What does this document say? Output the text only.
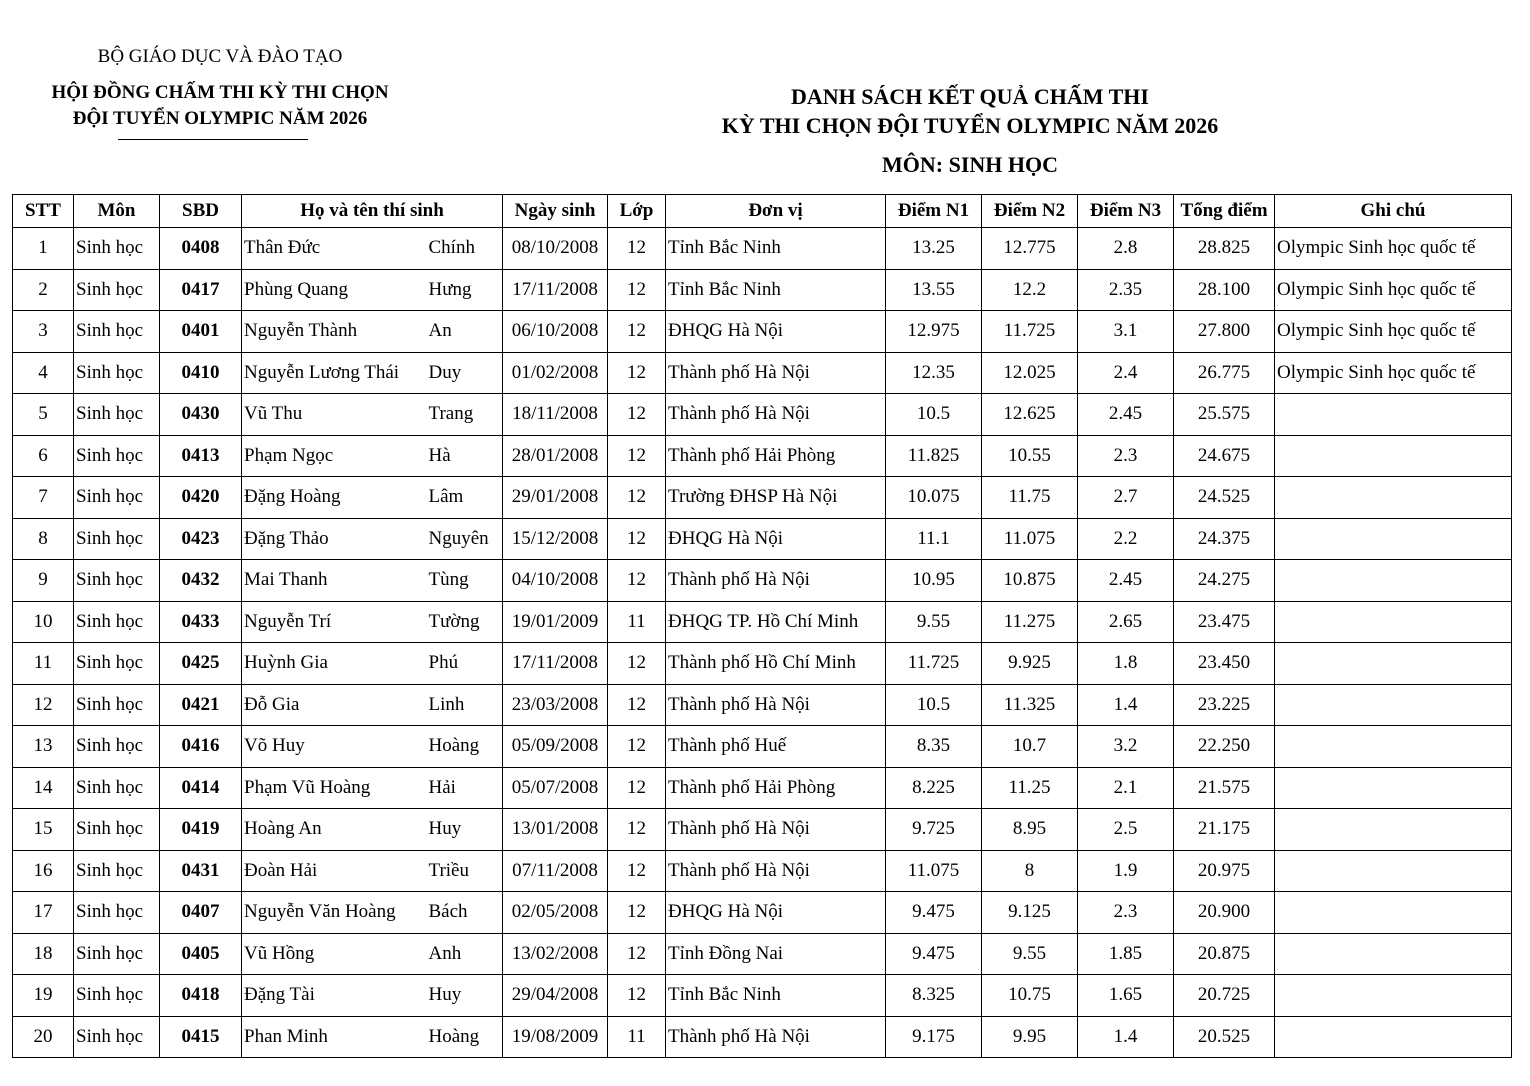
BỘ GIÁO DỤC VÀ ĐÀO TẠO
HỘI ĐỒNG CHẤM THI KỲ THI CHỌN
ĐỘI TUYỂN OLYMPIC NĂM 2026
DANH SÁCH KẾT QUẢ CHẤM THI
KỲ THI CHỌN ĐỘI TUYỂN OLYMPIC NĂM 2026
MÔN: SINH HỌC
STT	Môn	SBD	Họ và tên thí sinh		Ngày sinh	Lớp	Đơn vị	Điểm N1	Điểm N2	Điểm N3	Tổng điểm	Ghi chú
1	Sinh học	0408	Thân Đức	Chính	08/10/2008	12	Tỉnh Bắc Ninh	13.25	12.775	2.8	28.825	Olympic Sinh học quốc tế
2	Sinh học	0417	Phùng Quang	Hưng	17/11/2008	12	Tỉnh Bắc Ninh	13.55	12.2	2.35	28.100	Olympic Sinh học quốc tế
3	Sinh học	0401	Nguyễn Thành	An	06/10/2008	12	ĐHQG Hà Nội	12.975	11.725	3.1	27.800	Olympic Sinh học quốc tế
4	Sinh học	0410	Nguyễn Lương Thái	Duy	01/02/2008	12	Thành phố Hà Nội	12.35	12.025	2.4	26.775	Olympic Sinh học quốc tế
5	Sinh học	0430	Vũ Thu	Trang	18/11/2008	12	Thành phố Hà Nội	10.5	12.625	2.45	25.575	
6	Sinh học	0413	Phạm Ngọc	Hà	28/01/2008	12	Thành phố Hải Phòng	11.825	10.55	2.3	24.675	
7	Sinh học	0420	Đặng Hoàng	Lâm	29/01/2008	12	Trường ĐHSP Hà Nội	10.075	11.75	2.7	24.525	
8	Sinh học	0423	Đặng Thảo	Nguyên	15/12/2008	12	ĐHQG Hà Nội	11.1	11.075	2.2	24.375	
9	Sinh học	0432	Mai Thanh	Tùng	04/10/2008	12	Thành phố Hà Nội	10.95	10.875	2.45	24.275	
10	Sinh học	0433	Nguyễn Trí	Tường	19/01/2009	11	ĐHQG TP. Hồ Chí Minh	9.55	11.275	2.65	23.475	
11	Sinh học	0425	Huỳnh Gia	Phú	17/11/2008	12	Thành phố Hồ Chí Minh	11.725	9.925	1.8	23.450	
12	Sinh học	0421	Đỗ Gia	Linh	23/03/2008	12	Thành phố Hà Nội	10.5	11.325	1.4	23.225	
13	Sinh học	0416	Võ Huy	Hoàng	05/09/2008	12	Thành phố Huế	8.35	10.7	3.2	22.250	
14	Sinh học	0414	Phạm Vũ Hoàng	Hải	05/07/2008	12	Thành phố Hải Phòng	8.225	11.25	2.1	21.575	
15	Sinh học	0419	Hoàng An	Huy	13/01/2008	12	Thành phố Hà Nội	9.725	8.95	2.5	21.175	
16	Sinh học	0431	Đoàn Hải	Triều	07/11/2008	12	Thành phố Hà Nội	11.075	8	1.9	20.975	
17	Sinh học	0407	Nguyễn Văn Hoàng	Bách	02/05/2008	12	ĐHQG Hà Nội	9.475	9.125	2.3	20.900	
18	Sinh học	0405	Vũ Hồng	Anh	13/02/2008	12	Tỉnh Đồng Nai	9.475	9.55	1.85	20.875	
19	Sinh học	0418	Đặng Tài	Huy	29/04/2008	12	Tỉnh Bắc Ninh	8.325	10.75	1.65	20.725	
20	Sinh học	0415	Phan Minh	Hoàng	19/08/2009	11	Thành phố Hà Nội	9.175	9.95	1.4	20.525	
